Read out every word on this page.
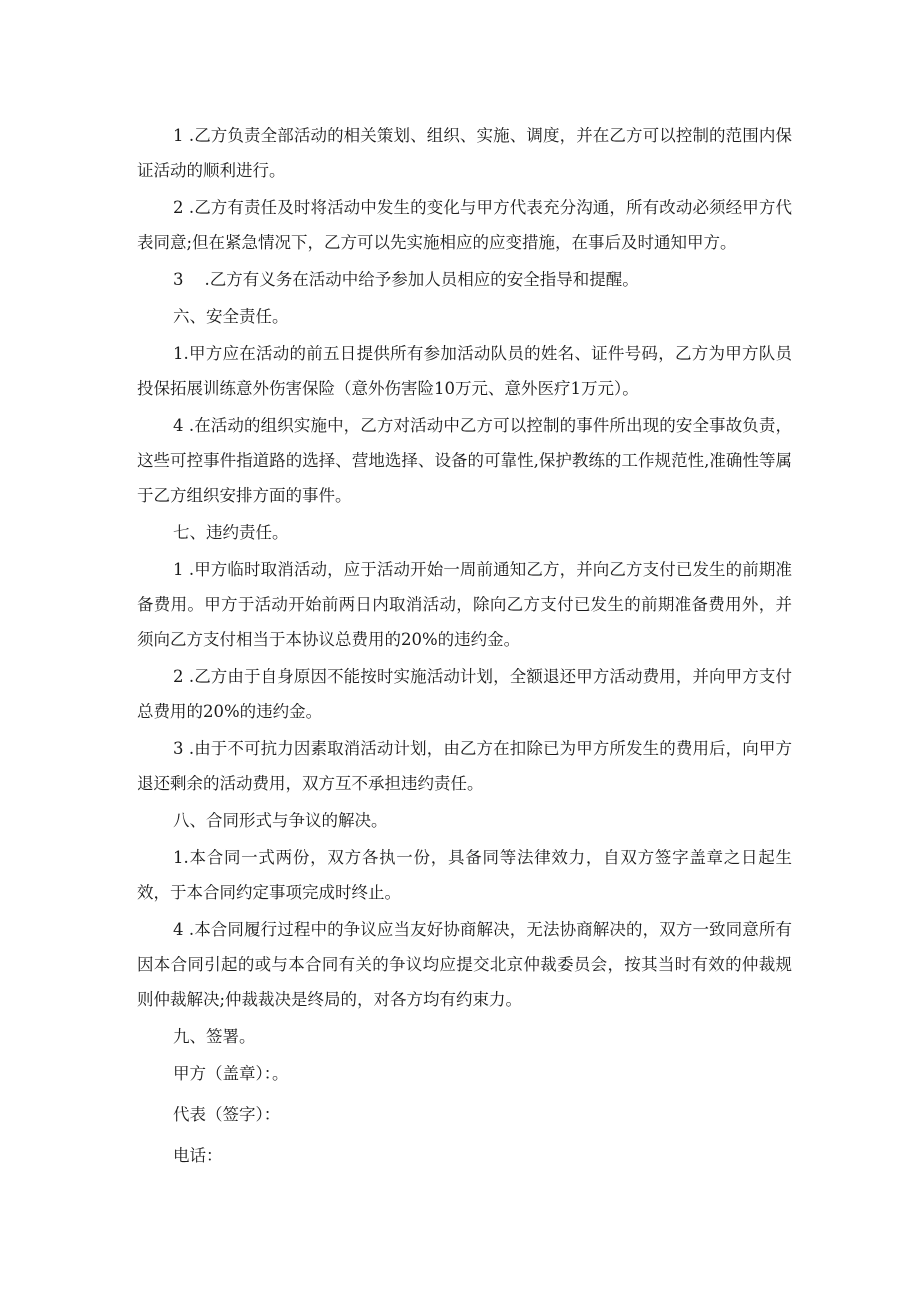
1 .乙方负责全部活动的相关策划、组织、实施、调度，并在乙方可以控制的范围内保证活动的顺利进行。

2 .乙方有责任及时将活动中发生的变化与甲方代表充分沟通，所有改动必须经甲方代表同意;但在紧急情况下，乙方可以先实施相应的应变措施，在事后及时通知甲方。

3    .乙方有义务在活动中给予参加人员相应的安全指导和提醒。

六、安全责任。

1.甲方应在活动的前五日提供所有参加活动队员的姓名、证件号码，乙方为甲方队员投保拓展训练意外伤害保险（意外伤害险10万元、意外医疗1万元）。

4 .在活动的组织实施中，乙方对活动中乙方可以控制的事件所出现的安全事故负责，这些可控事件指道路的选择、营地选择、设备的可靠性,保护教练的工作规范性,准确性等属于乙方组织安排方面的事件。

七、违约责任。

1 .甲方临时取消活动，应于活动开始一周前通知乙方，并向乙方支付已发生的前期准备费用。甲方于活动开始前两日内取消活动，除向乙方支付已发生的前期准备费用外，并须向乙方支付相当于本协议总费用的20%的违约金。

2 .乙方由于自身原因不能按时实施活动计划，全额退还甲方活动费用，并向甲方支付总费用的20%的违约金。

3 .由于不可抗力因素取消活动计划，由乙方在扣除已为甲方所发生的费用后，向甲方退还剩余的活动费用，双方互不承担违约责任。

八、合同形式与争议的解决。

1.本合同一式两份，双方各执一份，具备同等法律效力，自双方签字盖章之日起生效，于本合同约定事项完成时终止。

4 .本合同履行过程中的争议应当友好协商解决，无法协商解决的，双方一致同意所有因本合同引起的或与本合同有关的争议均应提交北京仲裁委员会，按其当时有效的仲裁规则仲裁解决;仲裁裁决是终局的，对各方均有约束力。

九、签署。

甲方（盖章）：。

代表（签字）：

电话：
